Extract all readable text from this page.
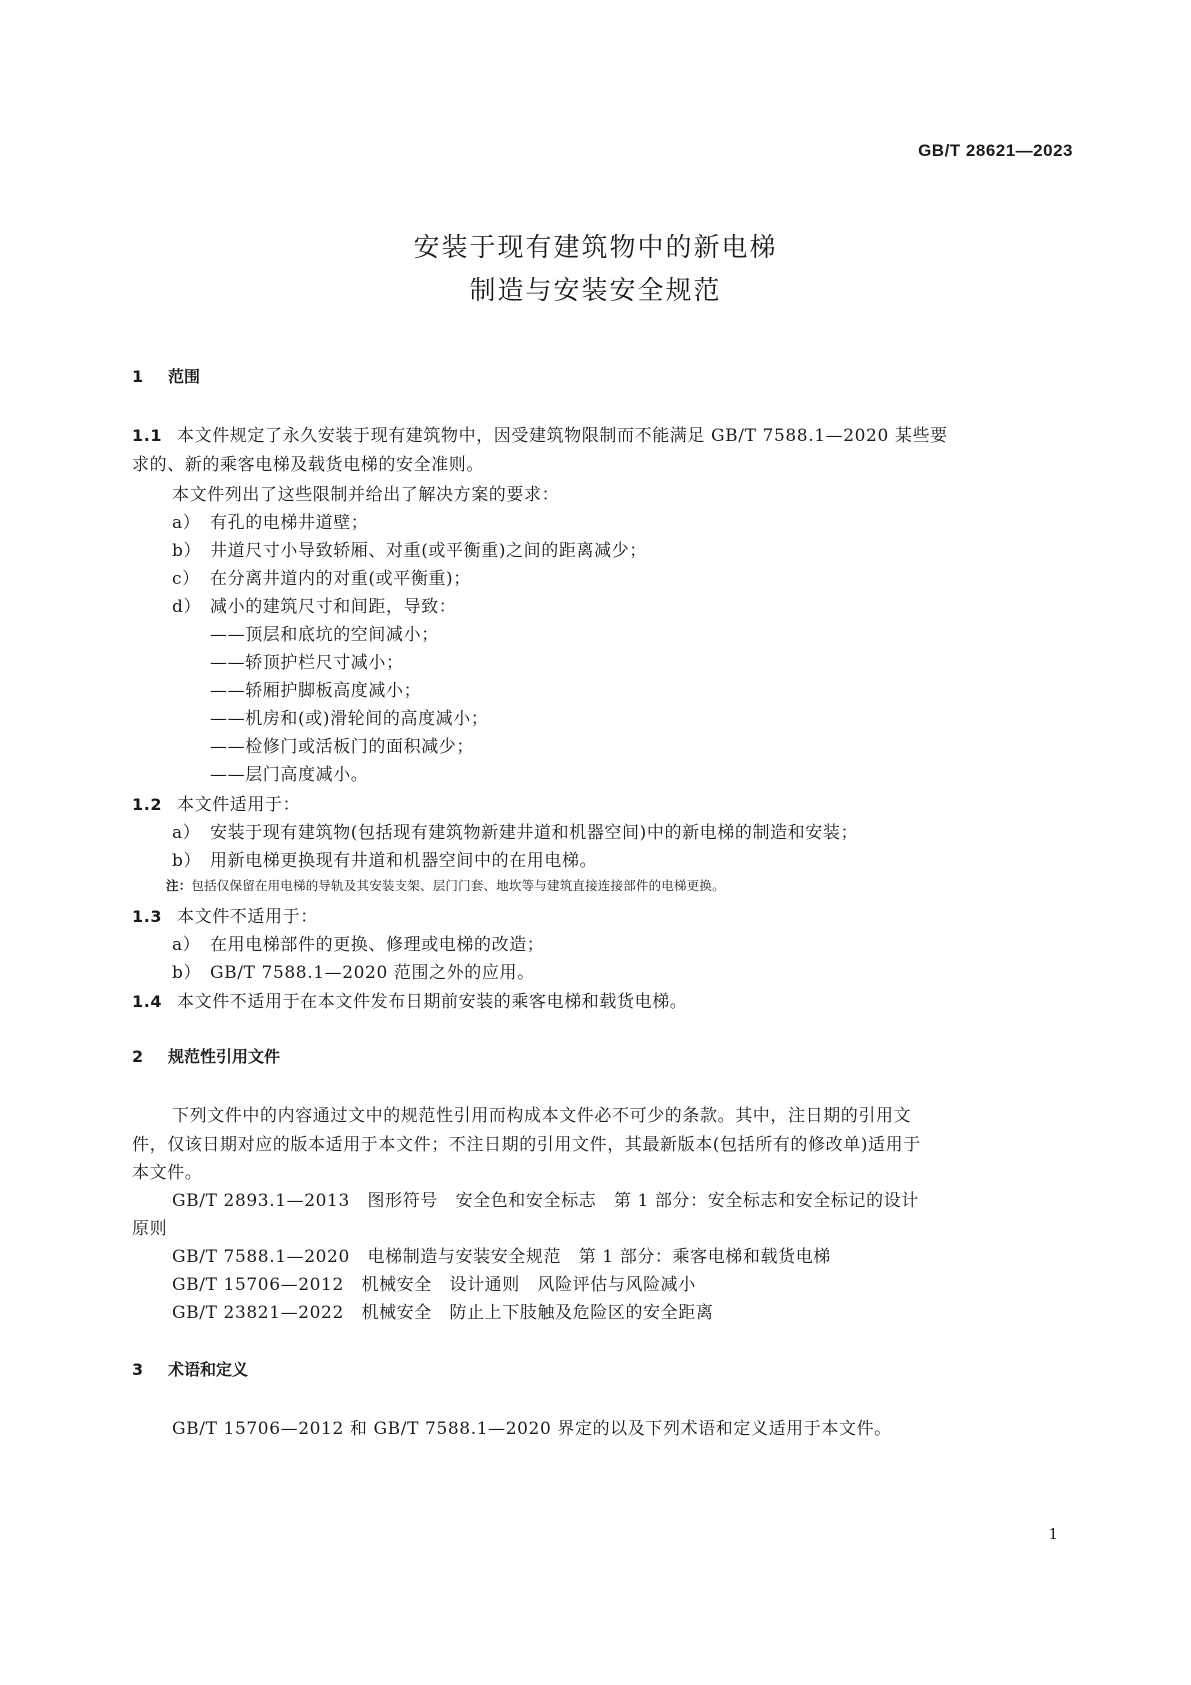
GB/T 28621—2023
安装于现有建筑物中的新电梯
制造与安装安全规范
1 范围
1.1 本文件规定了永久安装于现有建筑物中，因受建筑物限制而不能满足 GB/T 7588.1—2020 某些要
求的、新的乘客电梯及载货电梯的安全准则。
本文件列出了这些限制并给出了解决方案的要求：
a） 有孔的电梯井道壁；
b） 井道尺寸小导致轿厢、对重(或平衡重)之间的距离减少；
c） 在分离井道内的对重(或平衡重)；
d） 减小的建筑尺寸和间距，导致：
——顶层和底坑的空间减小；
——轿顶护栏尺寸减小；
——轿厢护脚板高度减小；
——机房和(或)滑轮间的高度减小；
——检修门或活板门的面积减少；
——层门高度减小。
1.2 本文件适用于：
a） 安装于现有建筑物(包括现有建筑物新建井道和机器空间)中的新电梯的制造和安装；
b） 用新电梯更换现有井道和机器空间中的在用电梯。
注：包括仅保留在用电梯的导轨及其安装支架、层门门套、地坎等与建筑直接连接部件的电梯更换。
1.3 本文件不适用于：
a） 在用电梯部件的更换、修理或电梯的改造；
b） GB/T 7588.1—2020 范围之外的应用。
1.4 本文件不适用于在本文件发布日期前安装的乘客电梯和载货电梯。
2 规范性引用文件
下列文件中的内容通过文中的规范性引用而构成本文件必不可少的条款。其中，注日期的引用文
件，仅该日期对应的版本适用于本文件；不注日期的引用文件，其最新版本(包括所有的修改单)适用于
本文件。
GB/T 2893.1—2013　图形符号　安全色和安全标志　第 1 部分：安全标志和安全标记的设计
原则
GB/T 7588.1—2020　电梯制造与安装安全规范　第 1 部分：乘客电梯和载货电梯
GB/T 15706—2012　机械安全　设计通则　风险评估与风险减小
GB/T 23821—2022　机械安全　防止上下肢触及危险区的安全距离
3 术语和定义
GB/T 15706—2012 和 GB/T 7588.1—2020 界定的以及下列术语和定义适用于本文件。
1
